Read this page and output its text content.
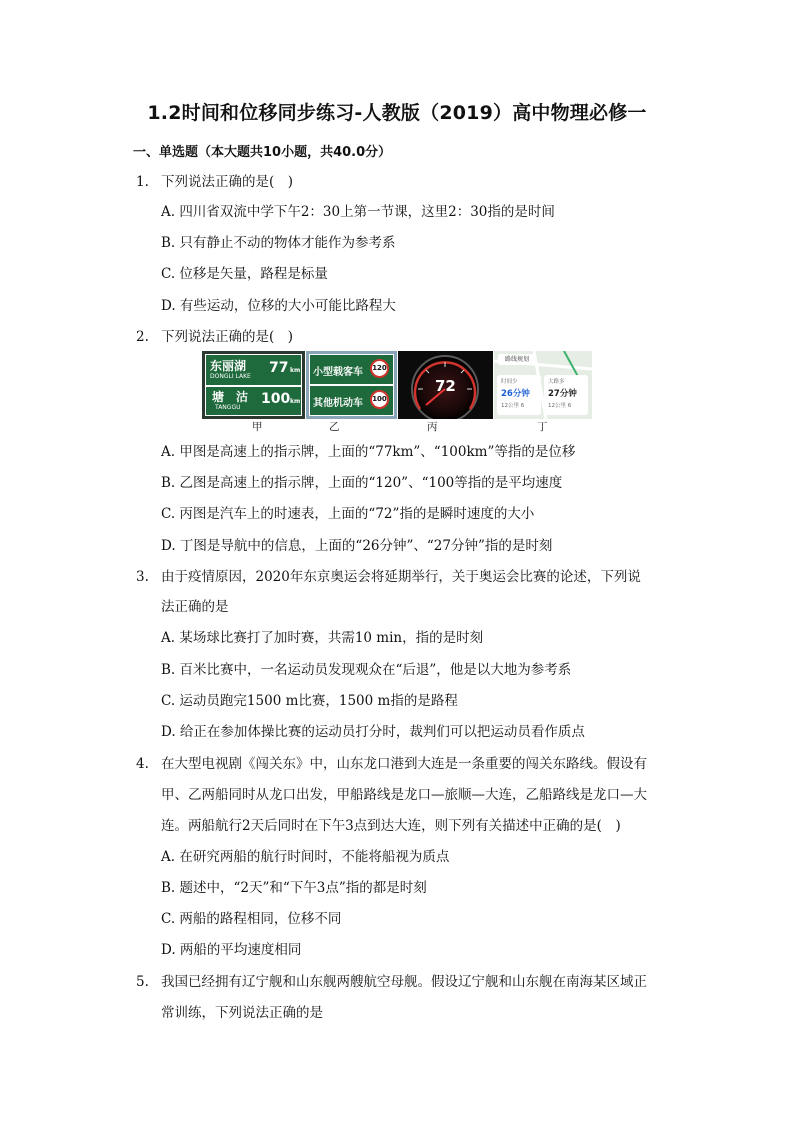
1.2时间和位移同步练习-人教版（2019）高中物理必修一
一、单选题（本大题共10小题，共40.0分）
1. 下列说法正确的是(　)
A. 四川省双流中学下午2：30上第一节课，这里2：30指的是时间
B. 只有静止不动的物体才能作为参考系
C. 位移是矢量，路程是标量
D. 有些运动，位移的大小可能比路程大
2. 下列说法正确的是(　)
东丽湖
DONGLI LAKE
77 km
塘　沽
TANGGU
100 km
小型载客车	120
其他机动车	100
72
路线规划
时间少
26分钟
12公里 6
大路多
27分钟
12公里 6
甲	乙	丙	丁
A. 甲图是高速上的指示牌，上面的“77km”、“100km”等指的是位移
B. 乙图是高速上的指示牌，上面的“120”、“100等指的是平均速度
C. 丙图是汽车上的时速表，上面的“72”指的是瞬时速度的大小
D. 丁图是导航中的信息，上面的“26分钟”、“27分钟”指的是时刻
3. 由于疫情原因，2020年东京奥运会将延期举行，关于奥运会比赛的论述，下列说
法正确的是
A. 某场球比赛打了加时赛，共需10 min，指的是时刻
B. 百米比赛中，一名运动员发现观众在“后退”，他是以大地为参考系
C. 运动员跑完1500 m比赛，1500 m指的是路程
D. 给正在参加体操比赛的运动员打分时，裁判们可以把运动员看作质点
4. 在大型电视剧《闯关东》中，山东龙口港到大连是一条重要的闯关东路线。假设有
甲、乙两船同时从龙口出发，甲船路线是龙口—旅顺—大连，乙船路线是龙口—大
连。两船航行2天后同时在下午3点到达大连，则下列有关描述中正确的是(　)
A. 在研究两船的航行时间时，不能将船视为质点
B. 题述中，“2天”和“下午3点”指的都是时刻
C. 两船的路程相同，位移不同
D. 两船的平均速度相同
5. 我国已经拥有辽宁舰和山东舰两艘航空母舰。假设辽宁舰和山东舰在南海某区域正
常训练，下列说法正确的是
